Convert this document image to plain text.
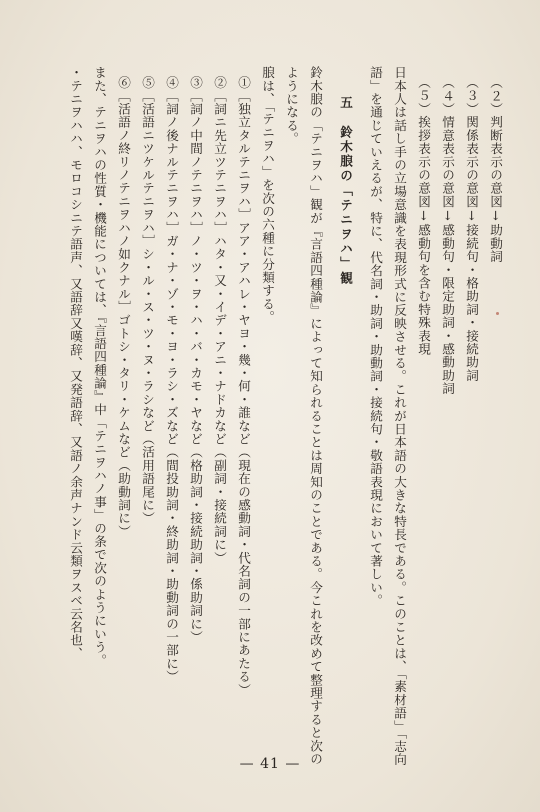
（２）判断表示の意図↓助動詞
（３）関係表示の意図↓接続句・格助詞・接続助詞
（４）情意表示の意図↓感動句・限定助詞・感動助詞
（５）挨拶表示の意図↓感動句を含む特殊表現
日本人は話し手の立場意識を表現形式に反映させる。これが日本語の大きな特長である。このことは、「素材語」「志向
語」を通じていえるが、特に、代名詞・助詞・助動詞・接続句・敬語表現において著しい。
五　鈴木朖の「テニヲハ」観
鈴木朖の「テニヲハ」観が『言語四種論』によって知られることは周知のことである。今これを改めて整理すると次の
ようになる。
朖は、「テニヲハ」を次の六種に分類する。
①［独立タルテニヲハ］アア・アハレ・ヤヨ・幾・何・誰など（現在の感動詞・代名詞の一部にあたる）
②［詞ニ先立ツテニヲハ］ハタ・又・イデ・アニ・ナドカなど（副詞・接続詞に）
③［詞ノ中間ノテニヲハ］ノ・ツ・ヲ・ハ・バ・カモ・ヤなど（格助詞・接続助詞・係助詞に）
④［詞ノ後ナルテニヲハ］ガ・ナ・ゾ・モ・ヨ・ラシ・ズなど（間投助詞・終助詞・助動詞の一部に）
⑤［活語ニツケルテニヲハ］シ・ル・ス・ツ・ヌ・ラシなど（活用語尾に）
⑥［活語ノ終リノテニヲハノ如クナル］ゴトシ・タリ・ケムなど（助動詞に）
また、テニヲハの性質・機能については、『言語四種論』中「テニヲハノ事」の条で次のようにいう。
・テニヲハハ、モロコシニテ語声、又語辞又嘆辞、又発語辞、又語ノ余声ナンド云類ヲスベ云名也、
— 41 —
